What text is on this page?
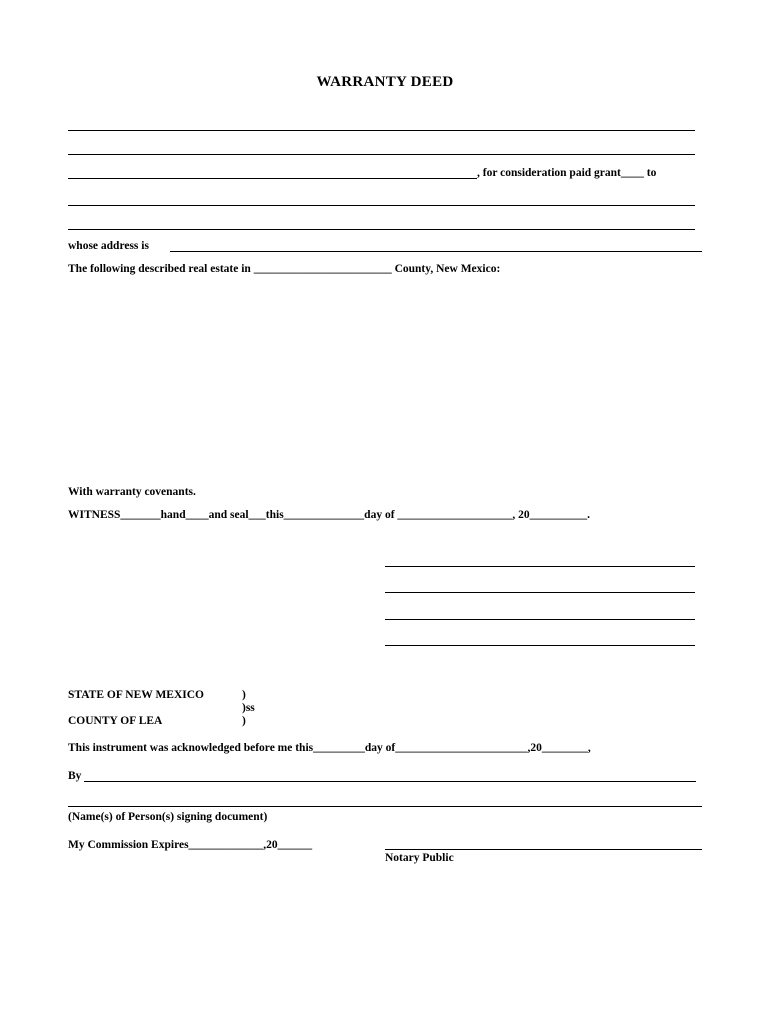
WARRANTY DEED
, for consideration paid grant____ to
whose address is
The following described real estate in ________________________ County, New Mexico:
With warranty covenants.
WITNESS_______hand____and seal___this______________day of ____________________, 20__________.
STATE OF NEW MEXICO	)
)ss
COUNTY OF LEA	)
This instrument was acknowledged before me this_________day of_______________________,20________,
By
(Name(s) of Person(s) signing document)
My Commission Expires_____________,20______
Notary Public
